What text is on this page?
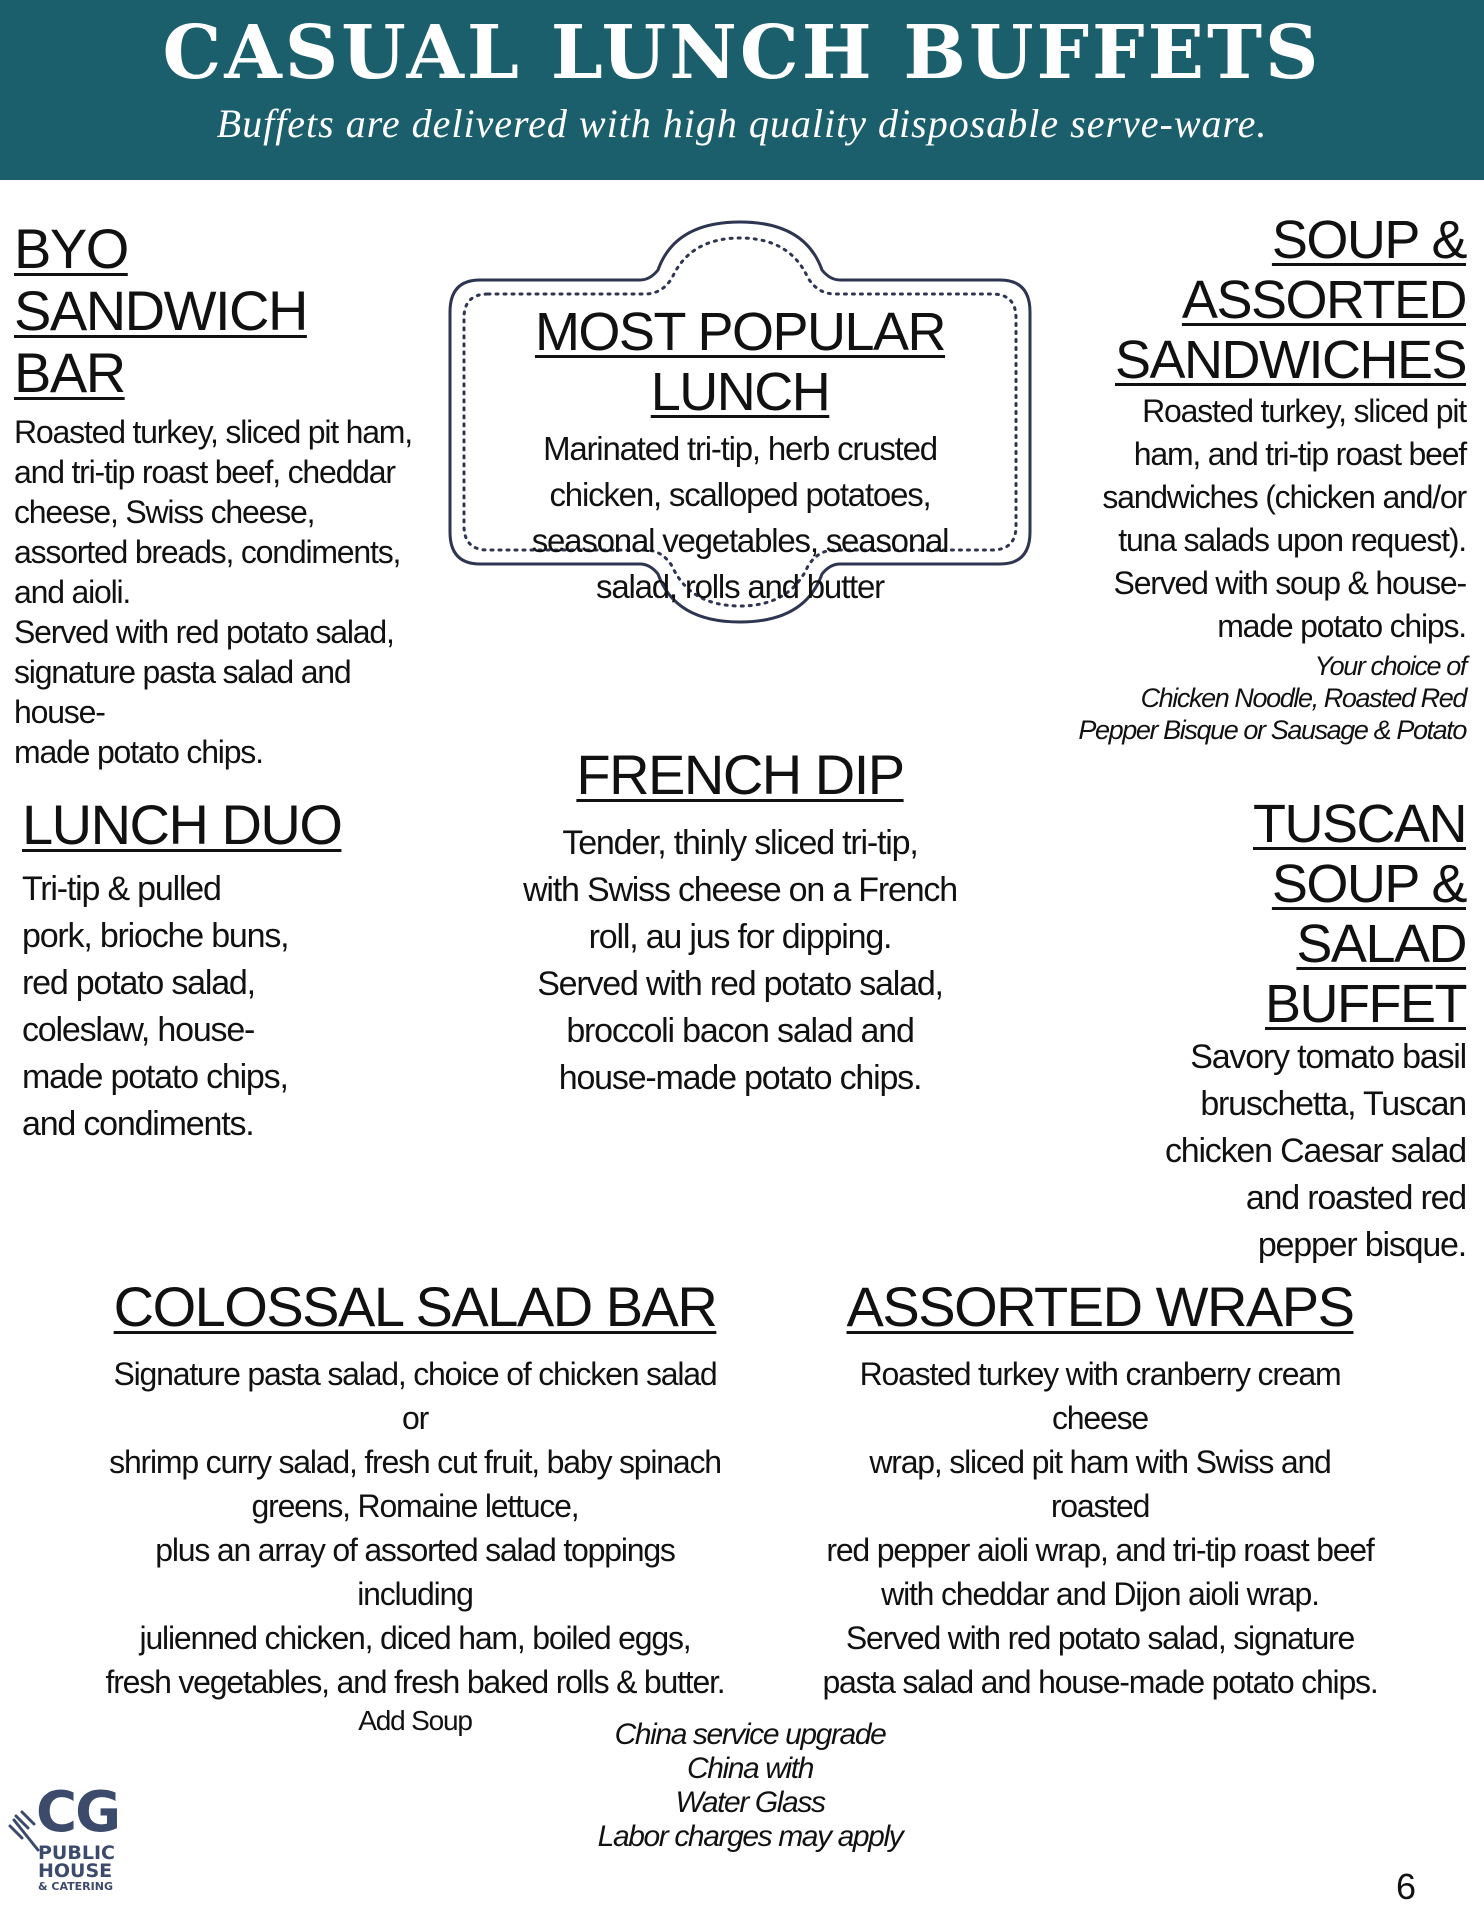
CASUAL LUNCH BUFFETS

Buffets are delivered with high quality disposable serve-ware.

BYO SANDWICH BAR

Roasted turkey, sliced pit ham,
and tri-tip roast beef, cheddar
cheese, Swiss cheese,
assorted breads, condiments,
and aioli.
Served with red potato salad,
signature pasta salad and house-
made potato chips.

MOST POPULAR LUNCH

Marinated tri-tip, herb crusted
chicken, scalloped potatoes,
seasonal vegetables, seasonal
salad, rolls and butter

SOUP & ASSORTED
SANDWICHES

Roasted turkey, sliced pit
ham, and tri-tip roast beef
sandwiches (chicken and/or
tuna salads upon request).
Served with soup & house-
made potato chips.

Your choice of
Chicken Noodle, Roasted Red
Pepper Bisque or Sausage & Potato

LUNCH DUO

Tri-tip & pulled
pork, brioche buns,
red potato salad,
coleslaw, house-
made potato chips,
and condiments.

FRENCH DIP

Tender, thinly sliced tri-tip,
with Swiss cheese on a French
roll, au jus for dipping.
Served with red potato salad,
broccoli bacon salad and
house-made potato chips.

TUSCAN SOUP &
SALAD BUFFET

Savory tomato basil
bruschetta, Tuscan
chicken Caesar salad
and roasted red
pepper bisque.

COLOSSAL SALAD BAR

Signature pasta salad, choice of chicken salad or
shrimp curry salad, fresh cut fruit, baby spinach
greens, Romaine lettuce,
plus an array of assorted salad toppings including
julienned chicken, diced ham, boiled eggs,
fresh vegetables, and fresh baked rolls & butter.

Add Soup

ASSORTED WRAPS

Roasted turkey with cranberry cream cheese
wrap, sliced pit ham with Swiss and roasted
red pepper aioli wrap, and tri-tip roast beef
with cheddar and Dijon aioli wrap.
Served with red potato salad, signature
pasta salad and house-made potato chips.

China service upgrade
China with
Water Glass
Labor charges may apply

CG
PUBLIC
HOUSE
& CATERING	6
